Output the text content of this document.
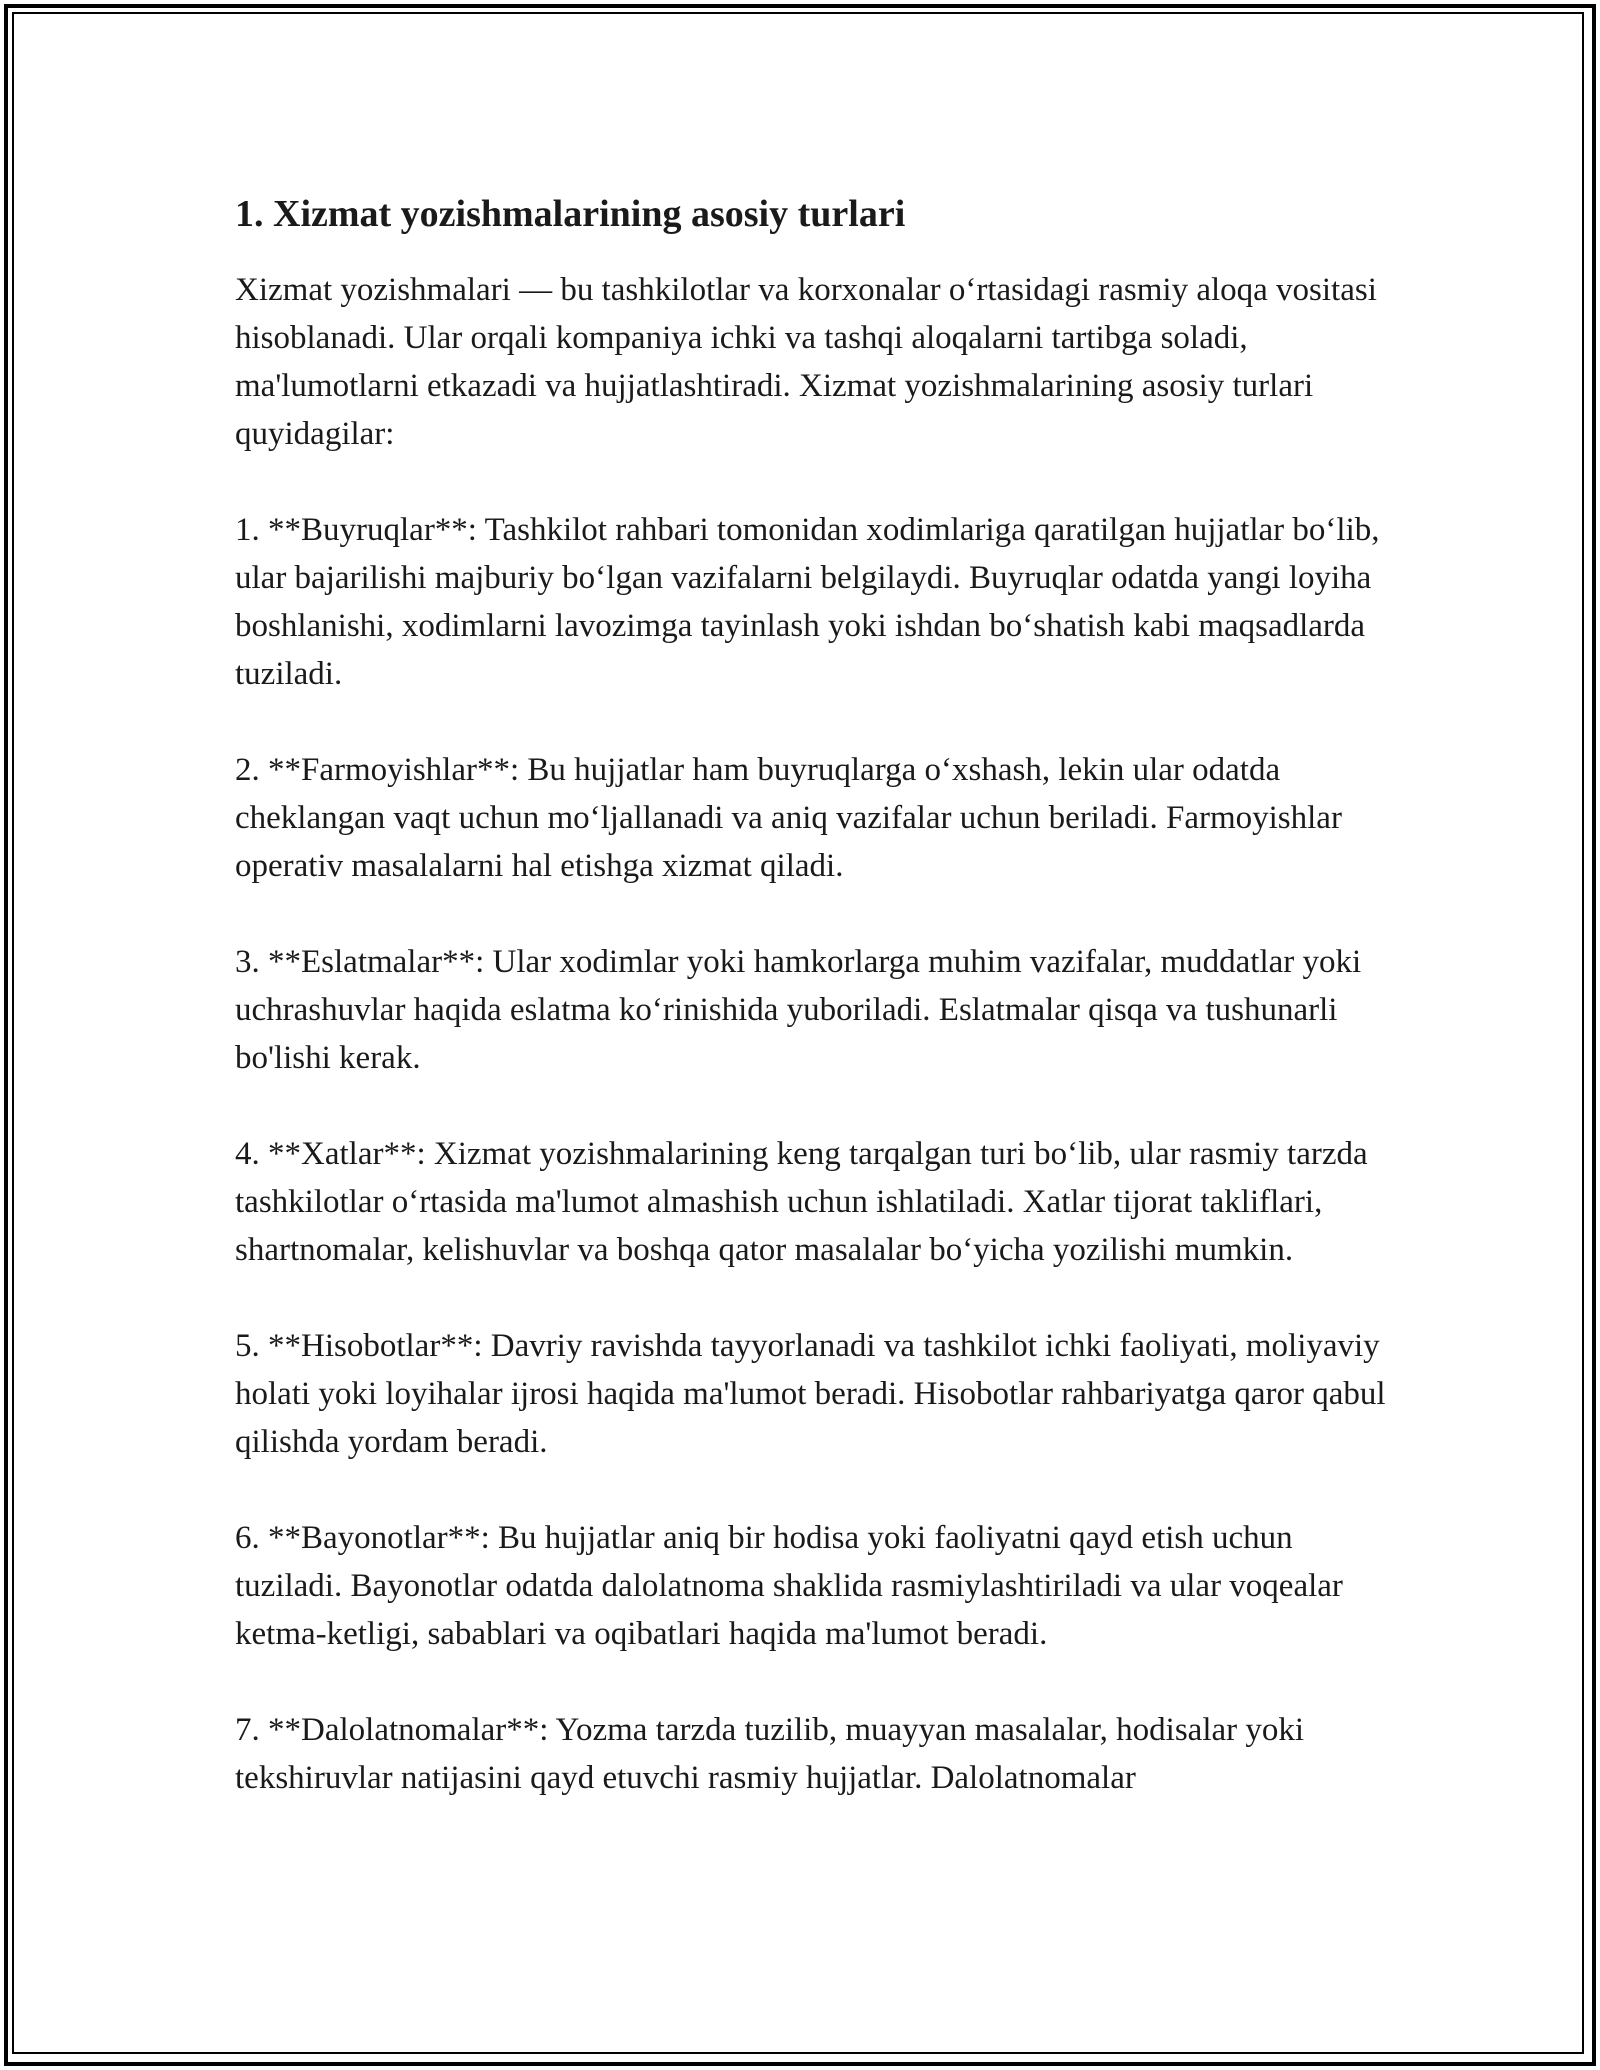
1. Xizmat yozishmalarining asosiy turlari

Xizmat yozishmalari — bu tashkilotlar va korxonalar o‘rtasidagi rasmiy aloqa vositasi hisoblanadi. Ular orqali kompaniya ichki va tashqi aloqalarni tartibga soladi, ma'lumotlarni etkazadi va hujjatlashtiradi. Xizmat yozishmalarining asosiy turlari quyidagilar:

1. **Buyruqlar**: Tashkilot rahbari tomonidan xodimlariga qaratilgan hujjatlar bo‘lib, ular bajarilishi majburiy bo‘lgan vazifalarni belgilaydi. Buyruqlar odatda yangi loyiha boshlanishi, xodimlarni lavozimga tayinlash yoki ishdan bo‘shatish kabi maqsadlarda tuziladi.

2. **Farmoyishlar**: Bu hujjatlar ham buyruqlarga o‘xshash, lekin ular odatda cheklangan vaqt uchun mo‘ljallanadi va aniq vazifalar uchun beriladi. Farmoyishlar operativ masalalarni hal etishga xizmat qiladi.

3. **Eslatmalar**: Ular xodimlar yoki hamkorlarga muhim vazifalar, muddatlar yoki uchrashuvlar haqida eslatma ko‘rinishida yuboriladi. Eslatmalar qisqa va tushunarli bo'lishi kerak.

4. **Xatlar**: Xizmat yozishmalarining keng tarqalgan turi bo‘lib, ular rasmiy tarzda tashkilotlar o‘rtasida ma'lumot almashish uchun ishlatiladi. Xatlar tijorat takliflari, shartnomalar, kelishuvlar va boshqa qator masalalar bo‘yicha yozilishi mumkin.

5. **Hisobotlar**: Davriy ravishda tayyorlanadi va tashkilot ichki faoliyati, moliyaviy holati yoki loyihalar ijrosi haqida ma'lumot beradi. Hisobotlar rahbariyatga qaror qabul qilishda yordam beradi.

6. **Bayonotlar**: Bu hujjatlar aniq bir hodisa yoki faoliyatni qayd etish uchun tuziladi. Bayonotlar odatda dalolatnoma shaklida rasmiylashtiriladi va ular voqealar ketma-ketligi, sabablari va oqibatlari haqida ma'lumot beradi.

7. **Dalolatnomalar**: Yozma tarzda tuzilib, muayyan masalalar, hodisalar yoki tekshiruvlar natijasini qayd etuvchi rasmiy hujjatlar. Dalolatnomalar
